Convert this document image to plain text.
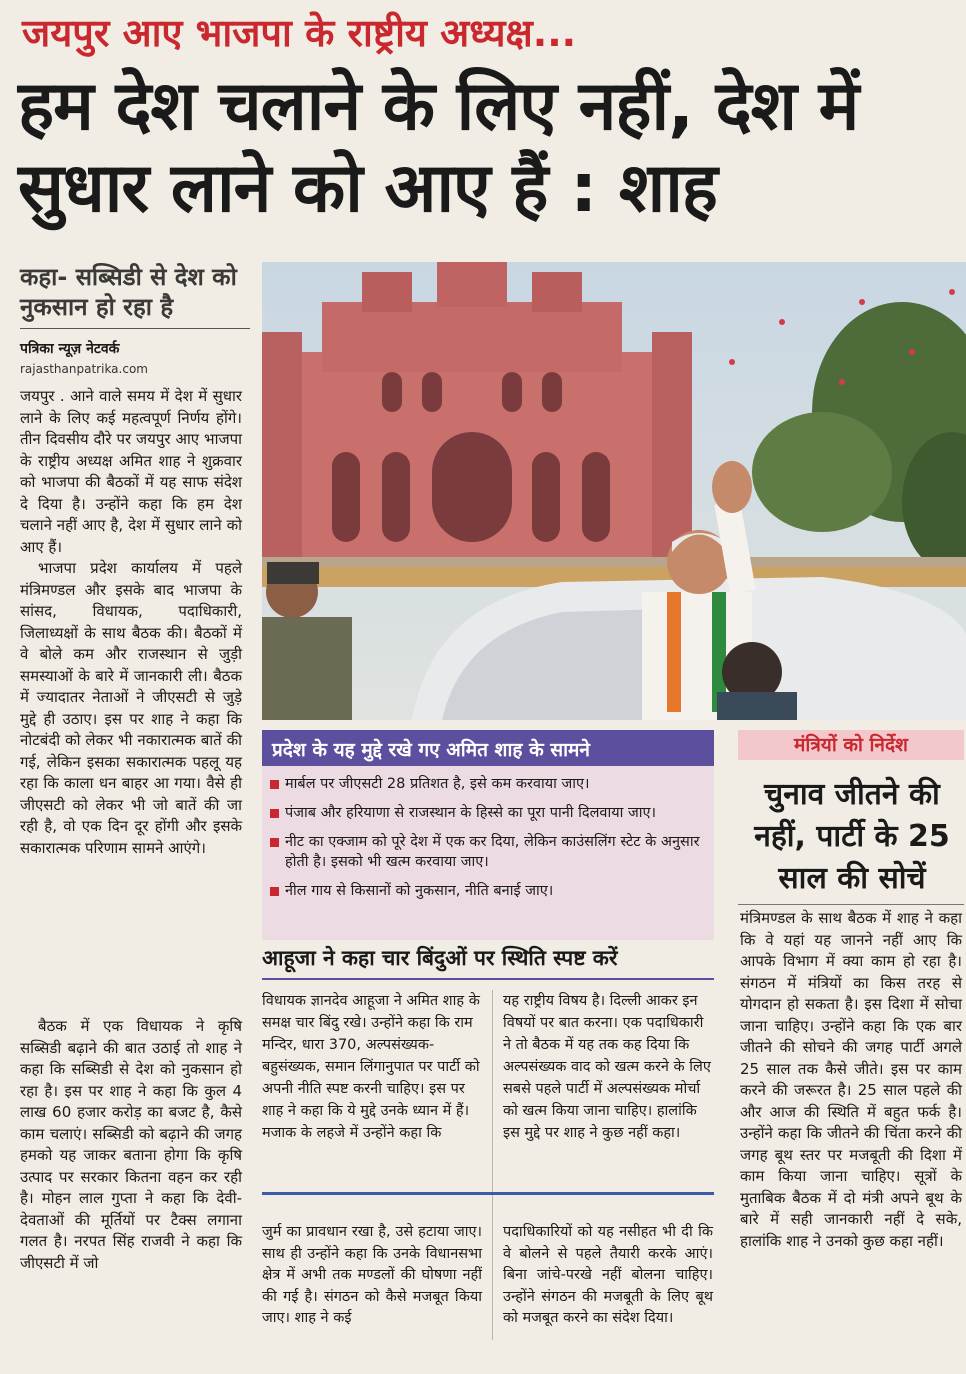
जयपुर आए भाजपा के राष्ट्रीय अध्यक्ष...
हम देश चलाने के लिए नहीं, देश में सुधार लाने को आए हैं : शाह
कहा- सब्सिडी से देश को नुकसान हो रहा है
पत्रिका न्यूज़ नेटवर्क
rajasthanpatrika.com

जयपुर . आने वाले समय में देश में सुधार लाने के लिए कई महत्वपूर्ण निर्णय होंगे। तीन दिवसीय दौरे पर जयपुर आए भाजपा के राष्ट्रीय अध्यक्ष अमित शाह ने शुक्रवार को भाजपा की बैठकों में यह साफ संदेश दे दिया है। उन्होंने कहा कि हम देश चलाने नहीं आए है, देश में सुधार लाने को आए हैं।

भाजपा प्रदेश कार्यालय में पहले मंत्रिमण्डल और इसके बाद भाजपा के सांसद, विधायक, पदाधिकारी, जिलाध्यक्षों के साथ बैठक की। बैठकों में वे बोले कम और राजस्थान से जुड़ी समस्याओं के बारे में जानकारी ली। बैठक में ज्यादातर नेताओं ने जीएसटी से जुड़े मुद्दे ही उठाए। इस पर शाह ने कहा कि नोटबंदी को लेकर भी नकारात्मक बातें की गई, लेकिन इसका सकारात्मक पहलू यह रहा कि काला धन बाहर आ गया। वैसे ही जीएसटी को लेकर भी जो बातें की जा रही है, वो एक दिन दूर होंगी और इसके सकारात्मक परिणाम सामने आएंगे।

बैठक में एक विधायक ने कृषि सब्सिडी बढ़ाने की बात उठाई तो शाह ने कहा कि सब्सिडी से देश को नुकसान हो रहा है। इस पर शाह ने कहा कि कुल 4 लाख 60 हजार करोड़ का बजट है, कैसे काम चलाएं। सब्सिडी को बढ़ाने की जगह हमको यह जाकर बताना होगा कि कृषि उत्पाद पर सरकार कितना वहन कर रही है। मोहन लाल गुप्ता ने कहा कि देवी-देवताओं की मूर्तियों पर टैक्स लगाना गलत है। नरपत सिंह राजवी ने कहा कि जीएसटी में जो

प्रदेश के यह मुद्दे रखे गए अमित शाह के सामने
मार्बल पर जीएसटी 28 प्रतिशत है, इसे कम करवाया जाए।
पंजाब और हरियाणा से राजस्थान के हिस्से का पूरा पानी दिलवाया जाए।
नीट का एक्जाम को पूरे देश में एक कर दिया, लेकिन काउंसलिंग स्टेट के अनुसार होती है। इसको भी खत्म करवाया जाए।
नील गाय से किसानों को नुकसान, नीति बनाई जाए।
आहूजा ने कहा चार बिंदुओं पर स्थिति स्पष्ट करें
विधायक ज्ञानदेव आहूजा ने अमित शाह के समक्ष चार बिंदु रखे। उन्होंने कहा कि राम मन्दिर, धारा 370, अल्पसंख्यक-बहुसंख्यक, समान लिंगानुपात पर पार्टी को अपनी नीति स्पष्ट करनी चाहिए। इस पर शाह ने कहा कि ये मुद्दे उनके ध्यान में हैं। मजाक के लहजे में उन्होंने कहा कि
यह राष्ट्रीय विषय है। दिल्ली आकर इन विषयों पर बात करना। एक पदाधिकारी ने तो बैठक में यह तक कह दिया कि अल्पसंख्यक वाद को खत्म करने के लिए सबसे पहले पार्टी में अल्पसंख्यक मोर्चा को खत्म किया जाना चाहिए। हालांकि इस मुद्दे पर शाह ने कुछ नहीं कहा।
जुर्म का प्रावधान रखा है, उसे हटाया जाए। साथ ही उन्होंने कहा कि उनके विधानसभा क्षेत्र में अभी तक मण्डलों की घोषणा नहीं की गई है। संगठन को कैसे मजबूत किया जाए। शाह ने कई
पदाधिकारियों को यह नसीहत भी दी कि वे बोलने से पहले तैयारी करके आएं। बिना जांचे-परखे नहीं बोलना चाहिए। उन्होंने संगठन की मजबूती के लिए बूथ को मजबूत करने का संदेश दिया।
मंत्रियों को निर्देश
चुनाव जीतने की नहीं, पार्टी के 25 साल की सोचें
मंत्रिमण्डल के साथ बैठक में शाह ने कहा कि वे यहां यह जानने नहीं आए कि आपके विभाग में क्या काम हो रहा है। संगठन में मंत्रियों का किस तरह से योगदान हो सकता है। इस दिशा में सोचा जाना चाहिए। उन्होंने कहा कि एक बार जीतने की सोचने की जगह पार्टी अगले 25 साल तक कैसे जीते। इस पर काम करने की जरूरत है। 25 साल पहले की और आज की स्थिति में बहुत फर्क है। उन्होंने कहा कि जीतने की चिंता करने की जगह बूथ स्तर पर मजबूती की दिशा में काम किया जाना चाहिए। सूत्रों के मुताबिक बैठक में दो मंत्री अपने बूथ के बारे में सही जानकारी नहीं दे सके, हालांकि शाह ने उनको कुछ कहा नहीं।
